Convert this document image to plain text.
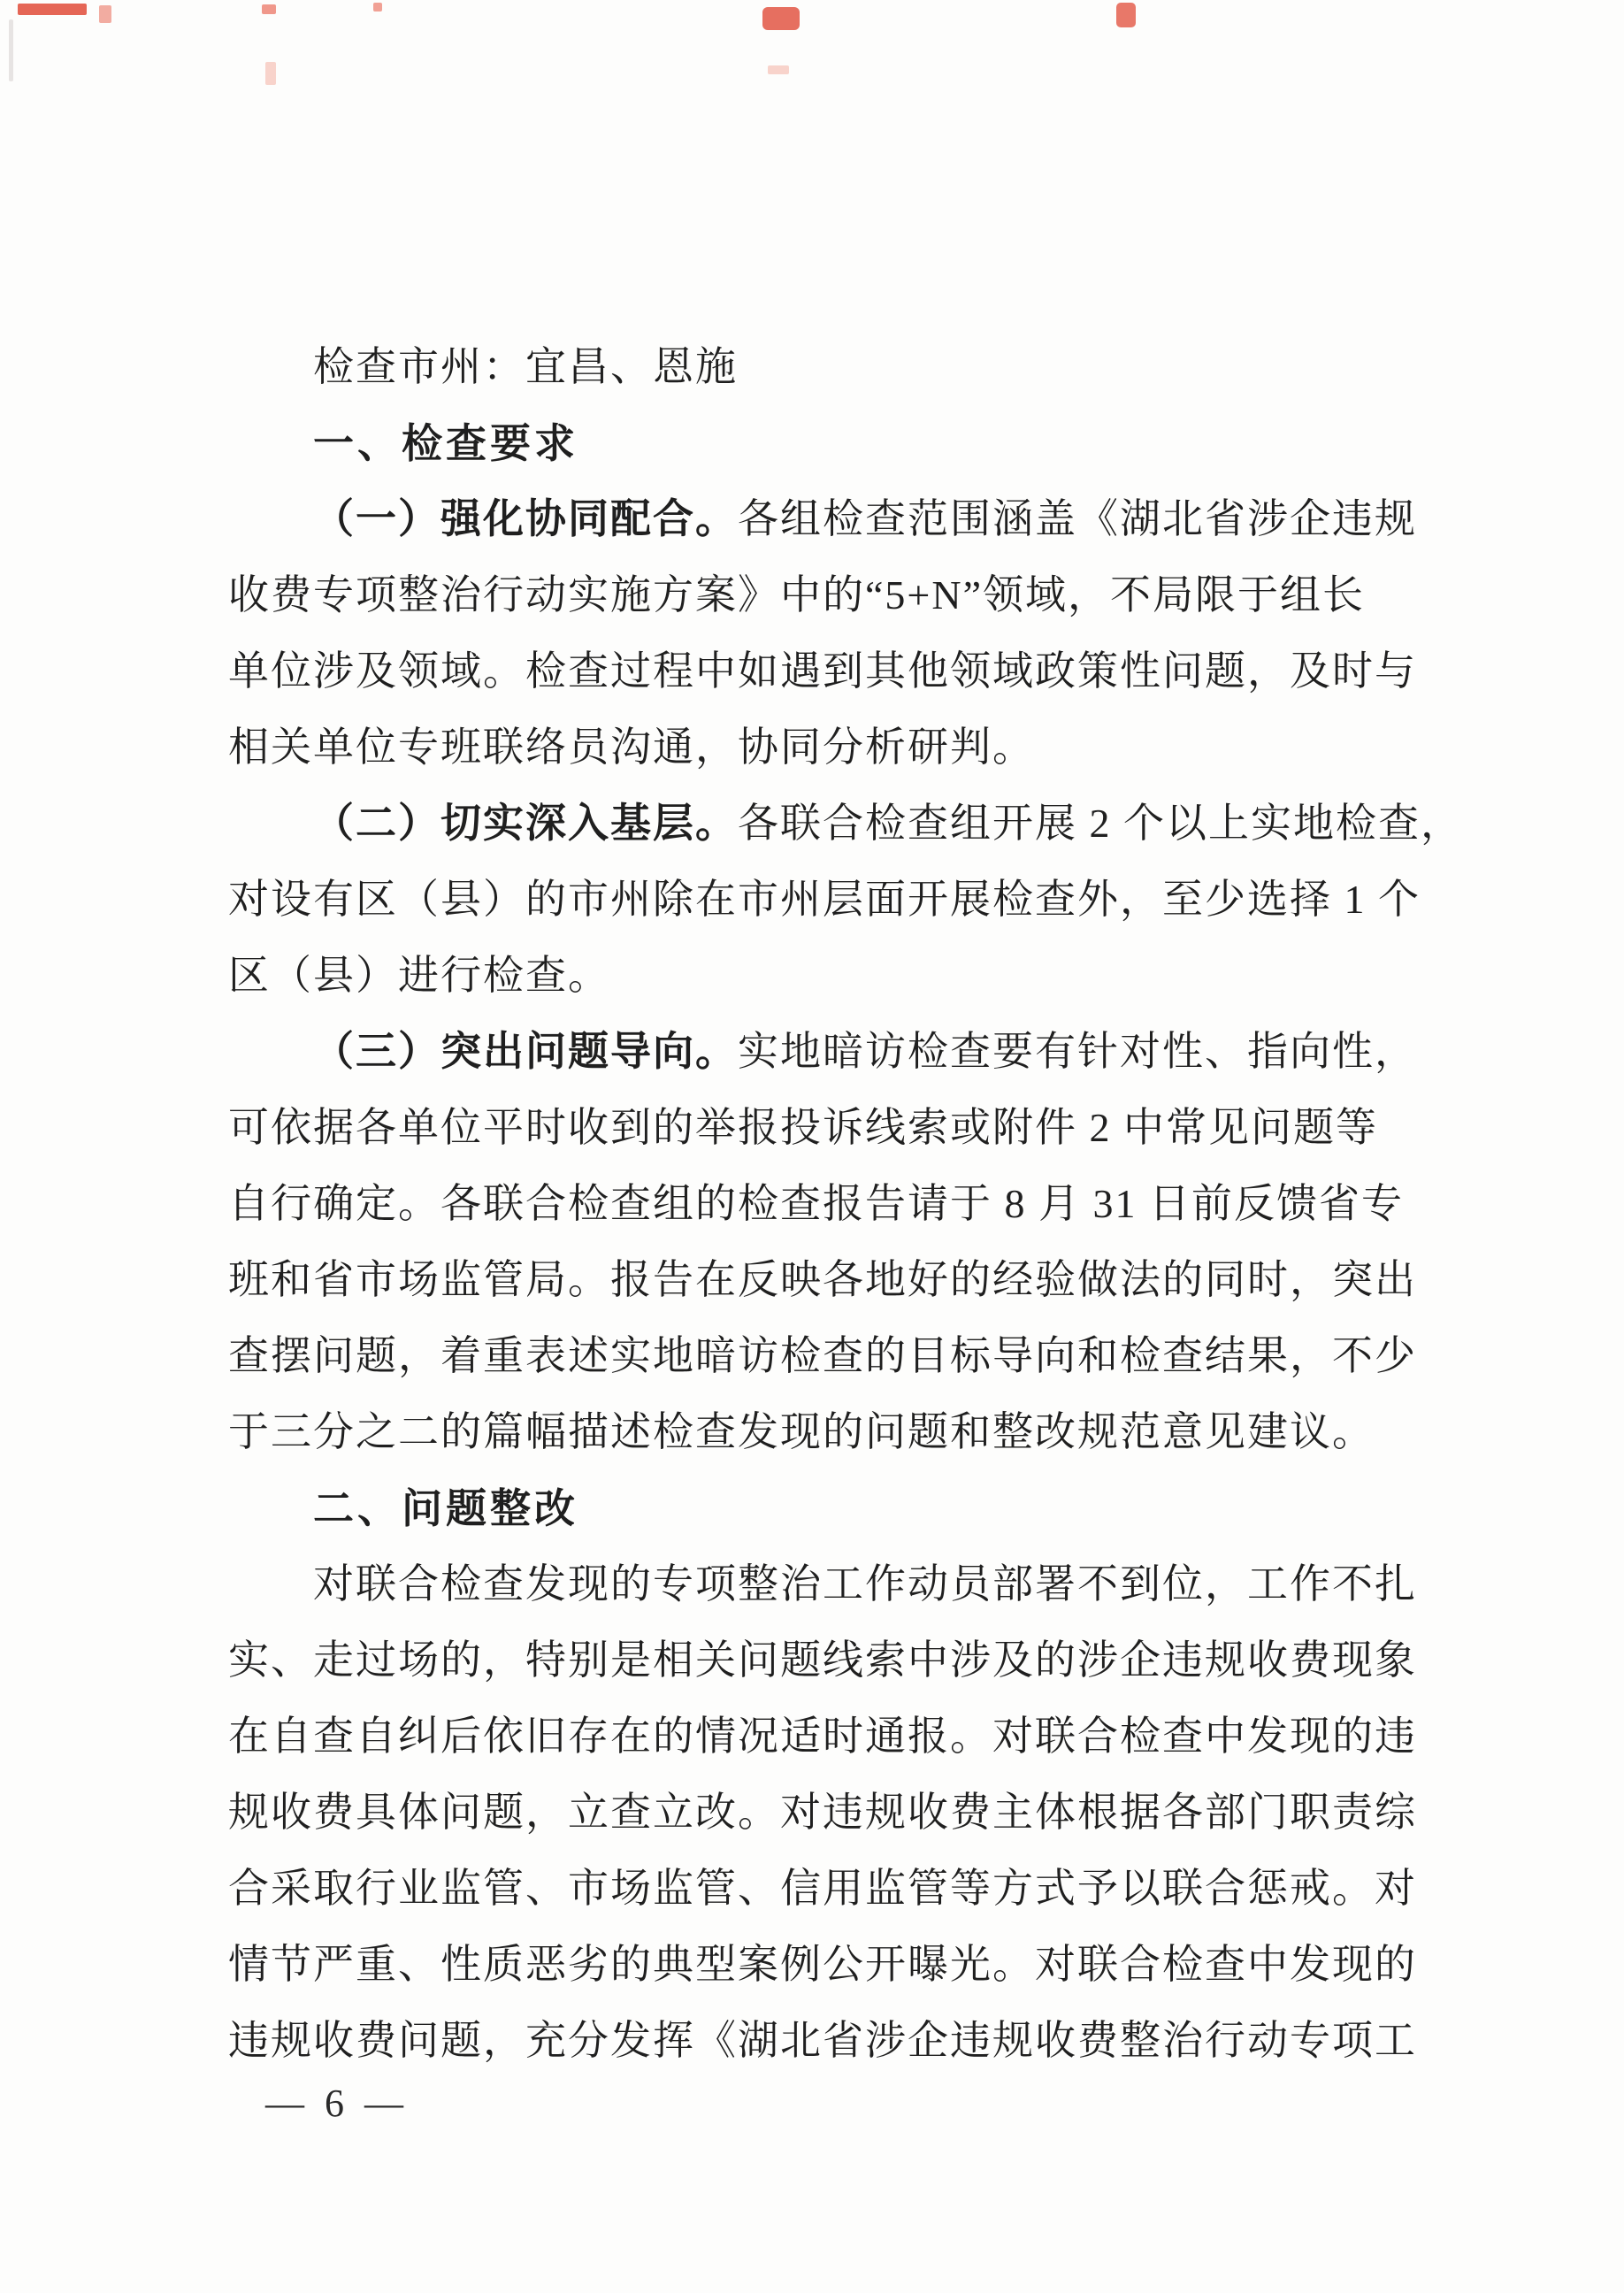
检查市州：宜昌、恩施

一、检查要求

（一）强化协同配合。各组检查范围涵盖《湖北省涉企违规

收费专项整治行动实施方案》中的“5+N”领域，不局限于组长

单位涉及领域。检查过程中如遇到其他领域政策性问题，及时与

相关单位专班联络员沟通，协同分析研判。

（二）切实深入基层。各联合检查组开展 2 个以上实地检查，

对设有区（县）的市州除在市州层面开展检查外，至少选择 1 个

区（县）进行检查。

（三）突出问题导向。实地暗访检查要有针对性、指向性，

可依据各单位平时收到的举报投诉线索或附件 2 中常见问题等

自行确定。各联合检查组的检查报告请于 8 月 31 日前反馈省专

班和省市场监管局。报告在反映各地好的经验做法的同时，突出

查摆问题，着重表述实地暗访检查的目标导向和检查结果，不少

于三分之二的篇幅描述检查发现的问题和整改规范意见建议。

二、问题整改

对联合检查发现的专项整治工作动员部署不到位，工作不扎

实、走过场的，特别是相关问题线索中涉及的涉企违规收费现象

在自查自纠后依旧存在的情况适时通报。对联合检查中发现的违

规收费具体问题，立查立改。对违规收费主体根据各部门职责综

合采取行业监管、市场监管、信用监管等方式予以联合惩戒。对

情节严重、性质恶劣的典型案例公开曝光。对联合检查中发现的

违规收费问题，充分发挥《湖北省涉企违规收费整治行动专项工

— 6 —
